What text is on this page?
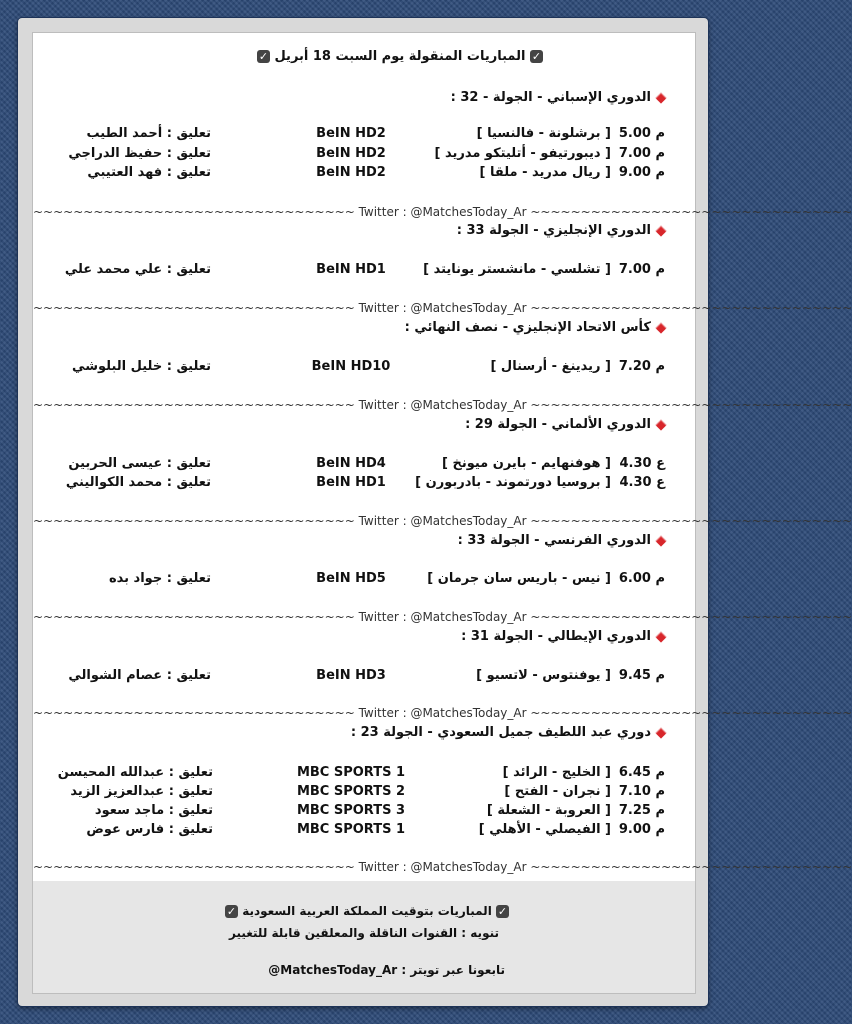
✓ المباريات المنقولة يوم السبت 18 أبريل ✓
الدوري الإسباني - الجولة - 32 :
5.00 م
[ برشلونة - فالنسيا ]
BeIN HD2
تعليق : أحمد الطيب
7.00 م
[ ديبورتيفو - أتليتكو مدريد ]
BeIN HD2
تعليق : حفيظ الدراجي
9.00 م
[ ريال مدريد - ملقا ]
BeIN HD2
تعليق : فهد العتيبي
~~~~~~~~~~~~~~~~~~~~~~~~~~~~~~~~ Twitter : @MatchesToday_Ar ~~~~~~~~~~~~~~~~~~~~~~~~~~~~~~~~
الدوري الإنجليزي - الجولة 33 :
7.00 م
[ تشلسي - مانشستر يونايتد ]
BeIN HD1
تعليق : علي محمد علي
~~~~~~~~~~~~~~~~~~~~~~~~~~~~~~~~ Twitter : @MatchesToday_Ar ~~~~~~~~~~~~~~~~~~~~~~~~~~~~~~~~
كأس الاتحاد الإنجليزي - نصف النهائي :
7.20 م
[ ريدينغ - أرسنال ]
BeIN HD10
تعليق : خليل البلوشي
~~~~~~~~~~~~~~~~~~~~~~~~~~~~~~~~ Twitter : @MatchesToday_Ar ~~~~~~~~~~~~~~~~~~~~~~~~~~~~~~~~
الدوري الألماني - الجولة 29 :
4.30 ع
[ هوفنهايم - بايرن ميونخ ]
BeIN HD4
تعليق : عيسى الحربين
4.30 ع
[ بروسيا دورتموند - بادربورن ]
BeIN HD1
تعليق : محمد الكواليني
~~~~~~~~~~~~~~~~~~~~~~~~~~~~~~~~ Twitter : @MatchesToday_Ar ~~~~~~~~~~~~~~~~~~~~~~~~~~~~~~~~
الدوري الفرنسي - الجولة 33 :
6.00 م
[ نيس - باريس سان جرمان ]
BeIN HD5
تعليق : جواد بده
~~~~~~~~~~~~~~~~~~~~~~~~~~~~~~~~ Twitter : @MatchesToday_Ar ~~~~~~~~~~~~~~~~~~~~~~~~~~~~~~~~
الدوري الإيطالي - الجولة 31 :
9.45 م
[ يوفنتوس - لاتسيو ]
BeIN HD3
تعليق : عصام الشوالي
~~~~~~~~~~~~~~~~~~~~~~~~~~~~~~~~ Twitter : @MatchesToday_Ar ~~~~~~~~~~~~~~~~~~~~~~~~~~~~~~~~
دوري عبد اللطيف جميل السعودي - الجولة 23 :
6.45 م
[ الخليج - الرائد ]
MBC SPORTS 1
تعليق : عبدالله المحيسن
7.10 م
[ نجران - الفتح ]
MBC SPORTS 2
تعليق : عبدالعزيز الزيد
7.25 م
[ العروبة - الشعلة ]
MBC SPORTS 3
تعليق : ماجد سعود
9.00 م
[ الفيصلي - الأهلي ]
MBC SPORTS 1
تعليق : فارس عوض
~~~~~~~~~~~~~~~~~~~~~~~~~~~~~~~~ Twitter : @MatchesToday_Ar ~~~~~~~~~~~~~~~~~~~~~~~~~~~~~~~~
✓ المباريات بتوقيت المملكة العربية السعودية ✓
تنويه : القنوات الناقلة والمعلقين قابلة للتغيير
تابعونا عبر تويتر : MatchesToday_Ar@
